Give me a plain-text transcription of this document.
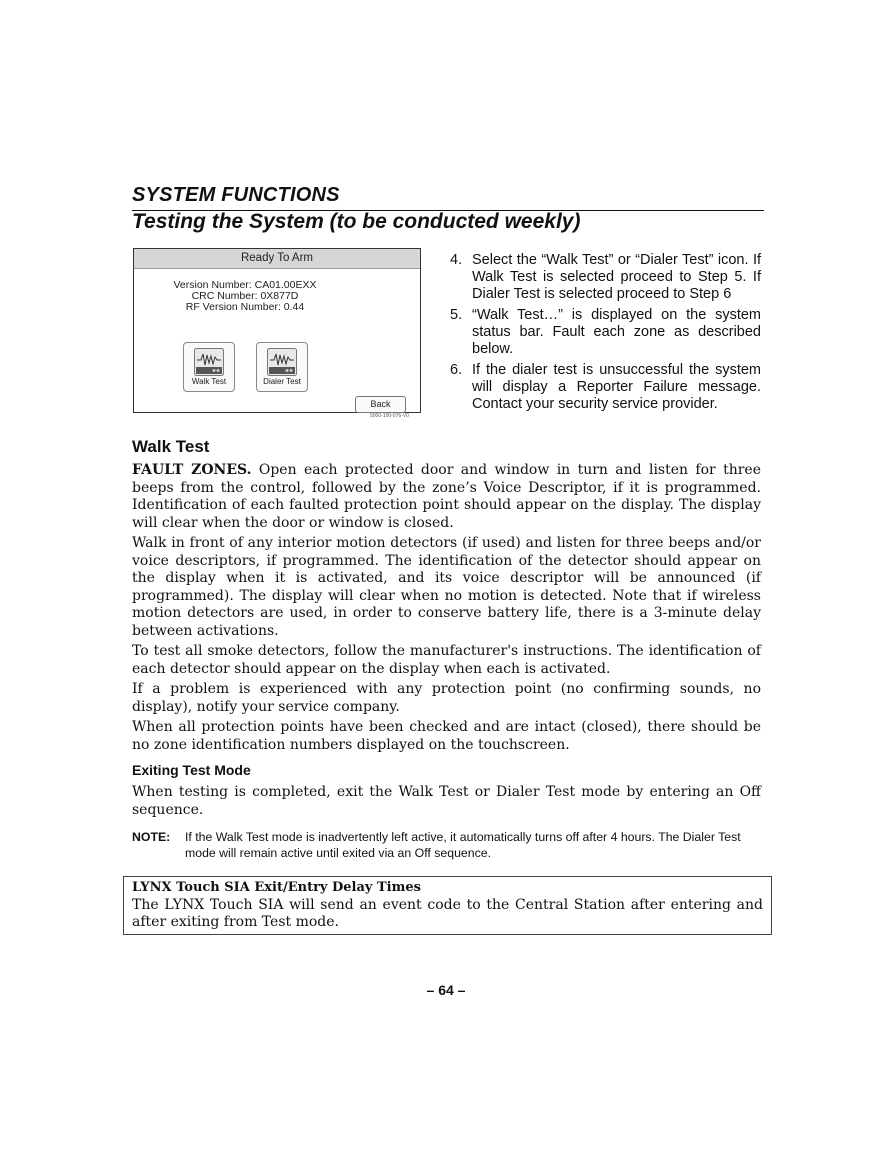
SYSTEM FUNCTIONS
Testing the System (to be conducted weekly)
Ready To Arm
Version Number: CA01.00EXX
CRC Number: 0X877D
RF Version Number: 0.44
Walk Test	Dialer Test
Back
5000-100-076-V0
4. Select the “Walk Test” or “Dialer Test” icon. If Walk Test is selected proceed to Step 5. If Dialer Test is selected proceed to Step 6
5. “Walk Test…” is displayed on the system status bar. Fault each zone as described below.
6. If the dialer test is unsuccessful the system will display a Reporter Failure message. Contact your security service provider.
Walk Test

FAULT ZONES. Open each protected door and window in turn and listen for three beeps from the control, followed by the zone’s Voice Descriptor, if it is programmed. Identification of each faulted protection point should appear on the display. The display will clear when the door or window is closed.

Walk in front of any interior motion detectors (if used) and listen for three beeps and/or voice descriptors, if programmed. The identification of the detector should appear on the display when it is activated, and its voice descriptor will be announced (if programmed). The display will clear when no motion is detected. Note that if wireless motion detectors are used, in order to conserve battery life, there is a 3-minute delay between activations.

To test all smoke detectors, follow the manufacturer's instructions. The identification of each detector should appear on the display when each is activated.

If a problem is experienced with any protection point (no confirming sounds, no display), notify your service company.

When all protection points have been checked and are intact (closed), there should be no zone identification numbers displayed on the touchscreen.

Exiting Test Mode
When testing is completed, exit the Walk Test or Dialer Test mode by entering an Off sequence.
NOTE:	If the Walk Test mode is inadvertently left active, it automatically turns off after 4 hours. The Dialer Test mode will remain active until exited via an Off sequence.
LYNX Touch SIA Exit/Entry Delay Times
The LYNX Touch SIA will send an event code to the Central Station after entering and after exiting from Test mode.
– 64 –
